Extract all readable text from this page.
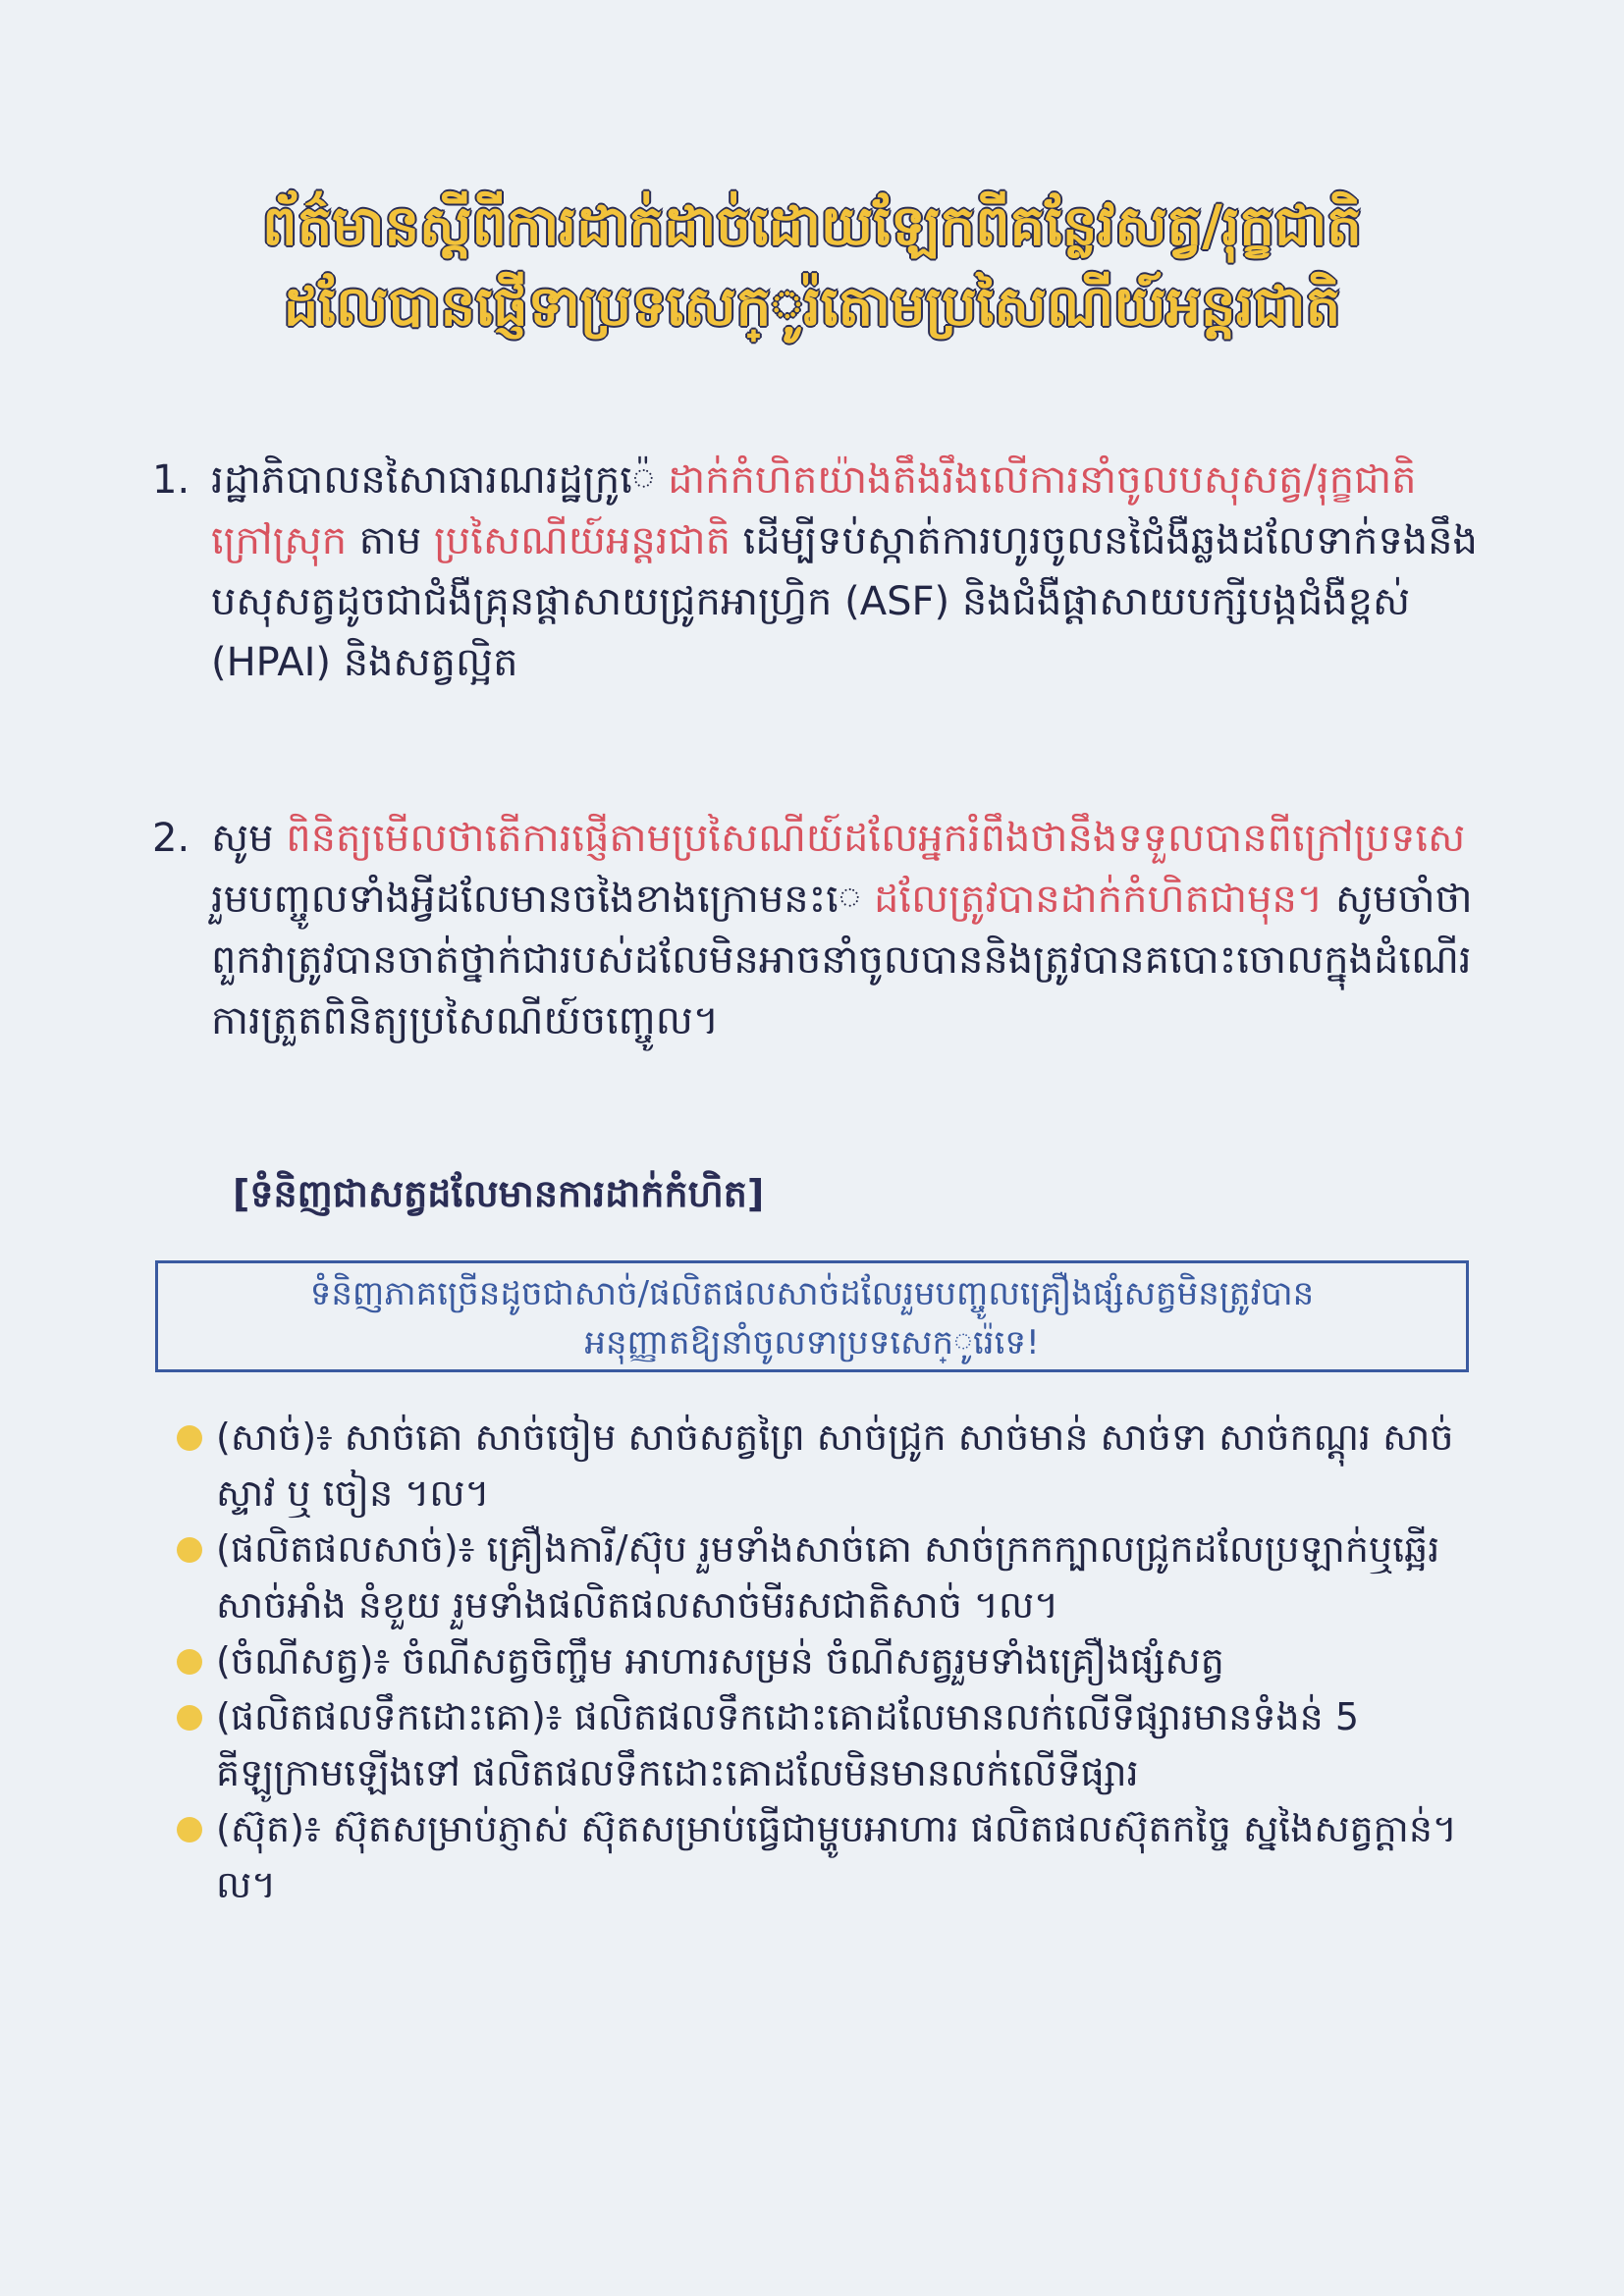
ព័ត៌មានស្តីពីការដាក់ដាច់ដោយឡែកពីគន្លែវសត្វ/រុក្ខជាតិ
ដលែបានផ្ញើទាប្រទសេក្ូរ៉តោមប្រសៃណីយ៍អន្តរជាតិ
1. រដ្ឋាភិបាលនសៃាធារណរដ្ឋកូ្រ៉េ ដាក់កំហិតយ៉ាងតឹងរឹងលើការនាំចូលបសុសត្វ/រុក្ខជាតិក្រៅស្រុក តាម ប្រសៃណីយ៍អន្ដរជាតិ ដើម្បីទប់ស្កាត់ការហូរចូលនជៃំងឺឆ្លងដលែទាក់ទងនឹងបសុសត្វដូចជាជំងឺគ្រុនផ្តាសាយជ្រូកអាហ្វ្រិក (ASF) និងជំងឺផ្តាសាយបក្សីបង្កជំងឺខ្ពស់ (HPAI) និងសត្វល្អិត
2. សូម ពិនិត្យមើលថាតើការផ្ញើតាមប្រសៃណីយ៍ដលែអ្នករំពឹងថានឹងទទួលបានពីក្រៅប្រទសេ រួមបញ្ចូលទាំងអ្វីដលែមានចងៃខាងក្រោមនះេ ដលែត្រូវបានដាក់កំហិតជាមុន។ សូមចាំថាពួកវាត្រូវបានចាត់ថ្នាក់ជារបស់ដលែមិនអាចនាំចូលបាននិងត្រូវបានគបោះចោលក្នុងដំណើរការត្រួតពិនិត្យប្រសៃណីយ៍ចញ្ចេូល។
[ទំនិញជាសត្វដលែមានការដាក់កំហិត]
ទំនិញភាគច្រើនដូចជាសាច់/ផលិតផលសាច់ដលែរួមបញ្ចូលគ្រឿងផ្សំសត្វមិនត្រូវបាន
អនុញ្ញាតឱ្យនាំចូលទាប្រទសេក្ូរ៉េទេ!
(សាច់)៖ សាច់គោ សាច់ចៀម សាច់សត្វព្រៃ សាច់ជ្រូក សាច់មាន់ សាច់ទា សាច់កណ្តុរ សាច់ស្ទាវ ឬ ចៀន ។ល។
(ផលិតផលសាច់)៖ គ្រឿងការី/ស៊ុប រួមទាំងសាច់គោ សាច់ក្រកក្បាលជ្រូកដលែប្រឡាក់ឬឆ្អើរ សាច់អាំង នំខួយ រួមទាំងផលិតផលសាច់មីរសជាតិសាច់ ។ល។
(ចំណីសត្វ)៖ ចំណីសត្វចិញ្ចឹម អាហារសម្រន់ ចំណីសត្វរួមទាំងគ្រឿងផ្សំសត្វ
(ផលិតផលទឹកដោះគោ)៖ ផលិតផលទឹកដោះគោដលែមានលក់លើទីផ្សារមានទំងន់ 5 គីឡូក្រាមឡើងទៅ ផលិតផលទឹកដោះគោដលែមិនមានលក់លើទីផ្សារ
(ស៊ុត)៖ ស៊ុតសម្រាប់ភ្ញាស់ ស៊ុតសម្រាប់ធ្វើជាម្ហូបអាហារ ផលិតផលស៊ុតកច្ចៃ ស្នងៃសត្វក្តាន់។ ល។
